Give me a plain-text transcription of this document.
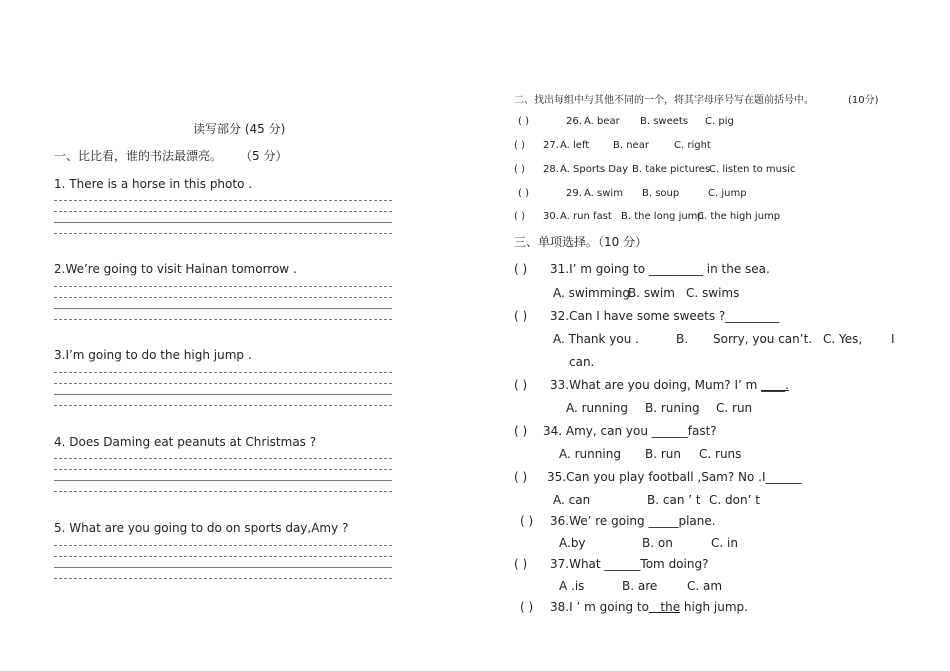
读写部分 (45 分)
一、比比看，谁的书法最漂亮。 （5 分）
1. There is a horse in this photo .
2.We’re going to visit Hainan tomorrow .
3.I’m going to do the high jump .
4. Does Daming eat peanuts at Christmas ?
5. What are you going to do on sports day,Amy ?
二、找出每组中与其他不同的一个，将其字母序号写在题前括号中。	(10分)
( )	26. A. bear B. sweets C. pig
( ) 27. A. left B. near	C. right
( ) 28. A. Sports Day B. take pictures
C. listen to music
( )	29. A. swim B. soup	C. jump
( ) 30. A. run fast B. the long jump
C. the high jump
三、单项选择。（10 分）
( ) 31.I’ m going to _________ in the sea.
A. swimming
B. swim C. swims
( ) 32.Can I have some sweets ?_________
A. Thank you .	B. Sorry, you can’t. C. Yes, I
can.
( ) 33.What are you doing, Mum? I’ m ____.
A. running B. runing C. run
( ) 34. Amy, can you ______fast?
A. running B. run C. runs
( ) 35.Can you play football ,Sam? No .I______
A. can	B. can ’ t C. don’ t
( ) 36.We’ re going _____plane.
A.by	B. on	C. in
( ) 37.What ______Tom doing?
A .is	B. are C. am
( ) 38.I ’ m going to   the high jump.
